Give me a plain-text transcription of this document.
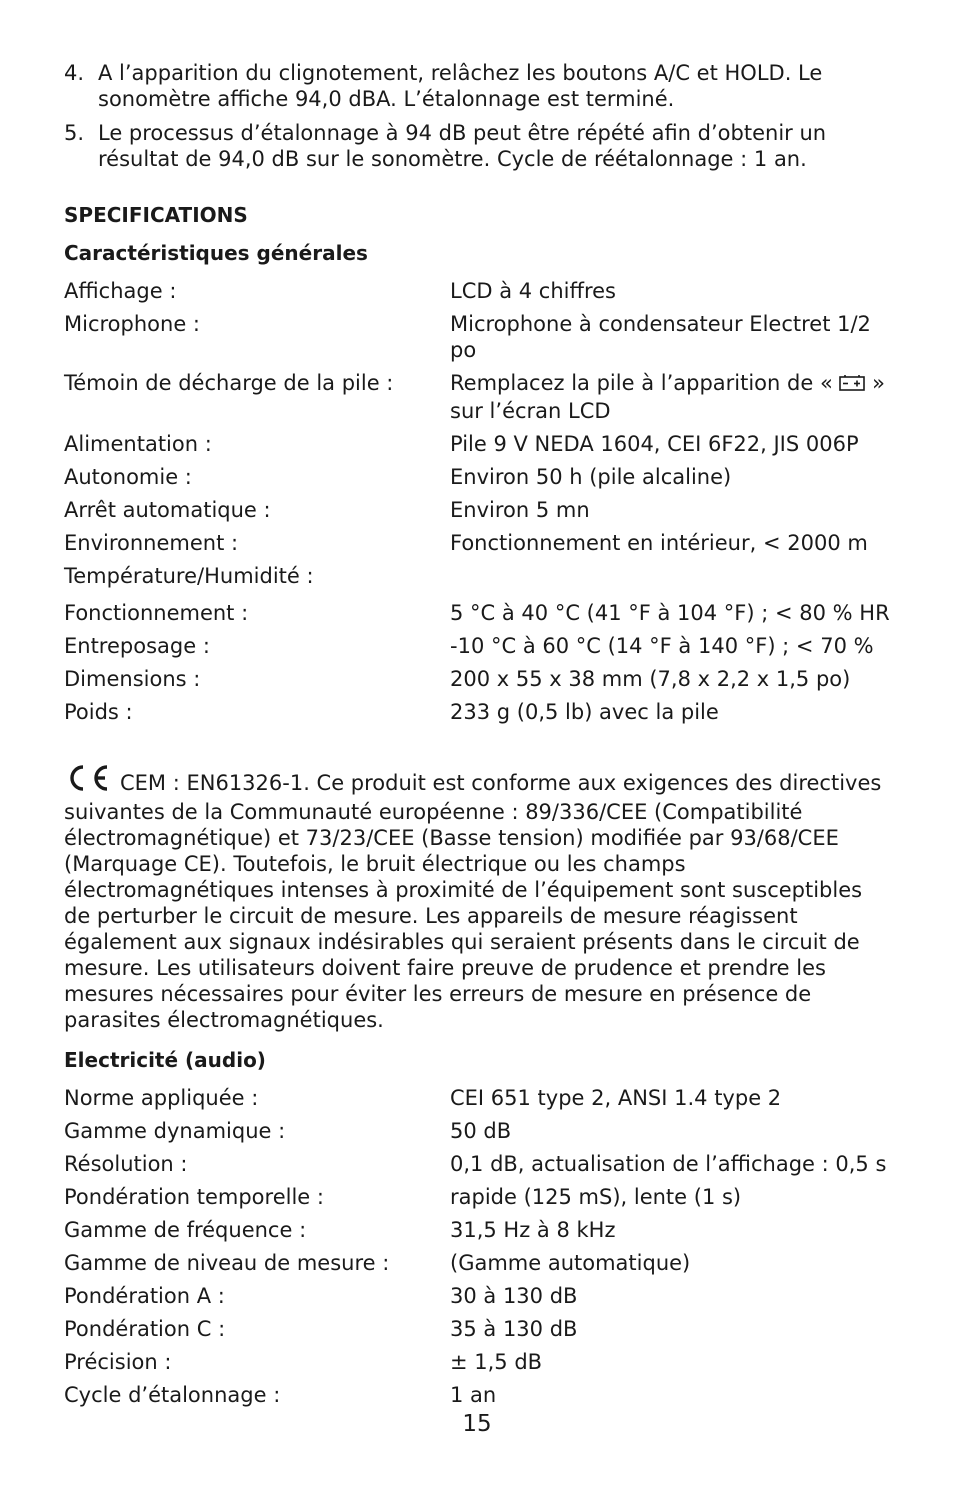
4. A l’apparition du clignotement, relâchez les boutons A/C et HOLD. Le sonomètre affiche 94,0 dBA. L’étalonnage est terminé.
5. Le processus d’étalonnage à 94 dB peut être répété afin d’obtenir un résultat de 94,0 dB sur le sonomètre. Cycle de réétalonnage : 1 an.
SPECIFICATIONS
Caractéristiques générales
Affichage :	LCD à 4 chiffres
Microphone :	Microphone à condensateur Electret 1/2 po
Témoin de décharge de la pile :	Remplacez la pile à l’apparition de « » sur l’écran LCD
Alimentation :	Pile 9 V NEDA 1604, CEI 6F22, JIS 006P
Autonomie :	Environ 50 h (pile alcaline)
Arrêt automatique :	Environ 5 mn
Environnement :	Fonctionnement en intérieur, < 2000 m
Température/Humidité :
Fonctionnement :	5 °C à 40 °C (41 °F à 104 °F) ; < 80 % HR
Entreposage :	-10 °C à 60 °C (14 °F à 140 °F) ; < 70 %
Dimensions :	200 x 55 x 38 mm (7,8 x 2,2 x 1,5 po)
Poids :	233 g (0,5 lb) avec la pile
CEM : EN61326-1. Ce produit est conforme aux exigences des directives suivantes de la Communauté européenne : 89/336/CEE (Compatibilité électromagnétique) et 73/23/CEE (Basse tension) modifiée par 93/68/CEE (Marquage CE). Toutefois, le bruit électrique ou les champs électromagnétiques intenses à proximité de l’équipement sont susceptibles de perturber le circuit de mesure. Les appareils de mesure réagissent également aux signaux indésirables qui seraient présents dans le circuit de mesure. Les utilisateurs doivent faire preuve de prudence et prendre les mesures nécessaires pour éviter les erreurs de mesure en présence de parasites électromagnétiques.
Electricité (audio)
Norme appliquée :	CEI 651 type 2, ANSI 1.4 type 2
Gamme dynamique :	50 dB
Résolution :	0,1 dB, actualisation de l’affichage : 0,5 s
Pondération temporelle :	rapide (125 mS), lente (1 s)
Gamme de fréquence :	31,5 Hz à 8 kHz
Gamme de niveau de mesure :	(Gamme automatique)
Pondération A :	30 à 130 dB
Pondération C :	35 à 130 dB
Précision :	± 1,5 dB
Cycle d’étalonnage :	1 an
15
